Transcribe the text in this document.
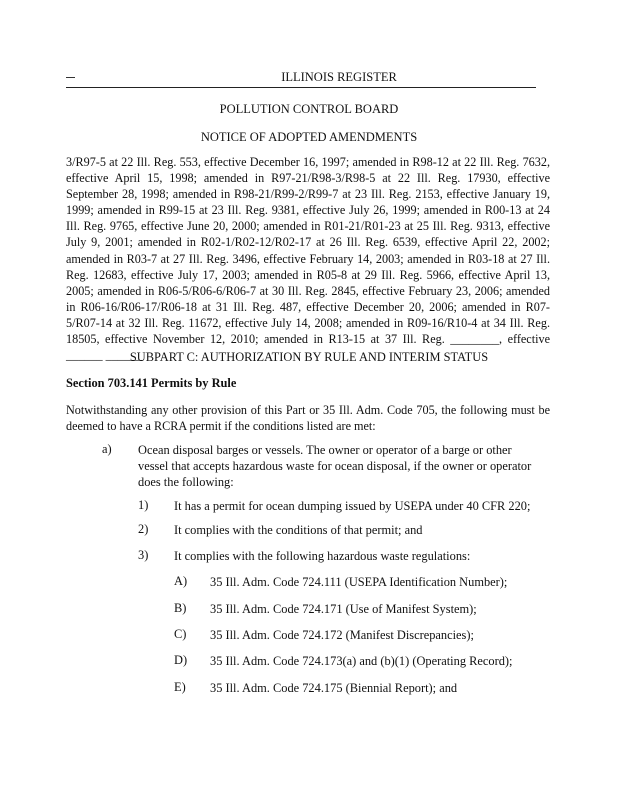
ILLINOIS REGISTER
POLLUTION CONTROL BOARD
NOTICE OF ADOPTED AMENDMENTS
3/R97-5 at 22 Ill. Reg. 553, effective December 16, 1997; amended in R98-12 at 22 Ill. Reg. 7632, effective April 15, 1998; amended in R97-21/R98-3/R98-5 at 22 Ill. Reg. 17930, effective September 28, 1998; amended in R98-21/R99-2/R99-7 at 23 Ill. Reg. 2153, effective January 19, 1999; amended in R99-15 at 23 Ill. Reg. 9381, effective July 26, 1999; amended in R00-13 at 24 Ill. Reg. 9765, effective June 20, 2000; amended in R01-21/R01-23 at 25 Ill. Reg. 9313, effective July 9, 2001; amended in R02-1/R02-12/R02-17 at 26 Ill. Reg. 6539, effective April 22, 2002; amended in R03-7 at 27 Ill. Reg. 3496, effective February 14, 2003; amended in R03-18 at 27 Ill. Reg. 12683, effective July 17, 2003; amended in R05-8 at 29 Ill. Reg. 5966, effective April 13, 2005; amended in R06-5/R06-6/R06-7 at 30 Ill. Reg. 2845, effective February 23, 2006; amended in R06-16/R06-17/R06-18 at 31 Ill. Reg. 487, effective December 20, 2006; amended in R07-5/R07-14 at 32 Ill. Reg. 11672, effective July 14, 2008; amended in R09-16/R10-4 at 34 Ill. Reg. 18505, effective November 12, 2010; amended in R13-15 at 37 Ill. Reg. ________, effective ______ ______
SUBPART C: AUTHORIZATION BY RULE AND INTERIM STATUS
Section 703.141 Permits by Rule
Notwithstanding any other provision of this Part or 35 Ill. Adm. Code 705, the following must be deemed to have a RCRA permit if the conditions listed are met:
a) Ocean disposal barges or vessels. The owner or operator of a barge or other vessel that accepts hazardous waste for ocean disposal, if the owner or operator does the following:
1) It has a permit for ocean dumping issued by USEPA under 40 CFR 220;
2) It complies with the conditions of that permit; and
3) It complies with the following hazardous waste regulations:
A) 35 Ill. Adm. Code 724.111 (USEPA Identification Number);
B) 35 Ill. Adm. Code 724.171 (Use of Manifest System);
C) 35 Ill. Adm. Code 724.172 (Manifest Discrepancies);
D) 35 Ill. Adm. Code 724.173(a) and (b)(1) (Operating Record);
E) 35 Ill. Adm. Code 724.175 (Biennial Report); and
